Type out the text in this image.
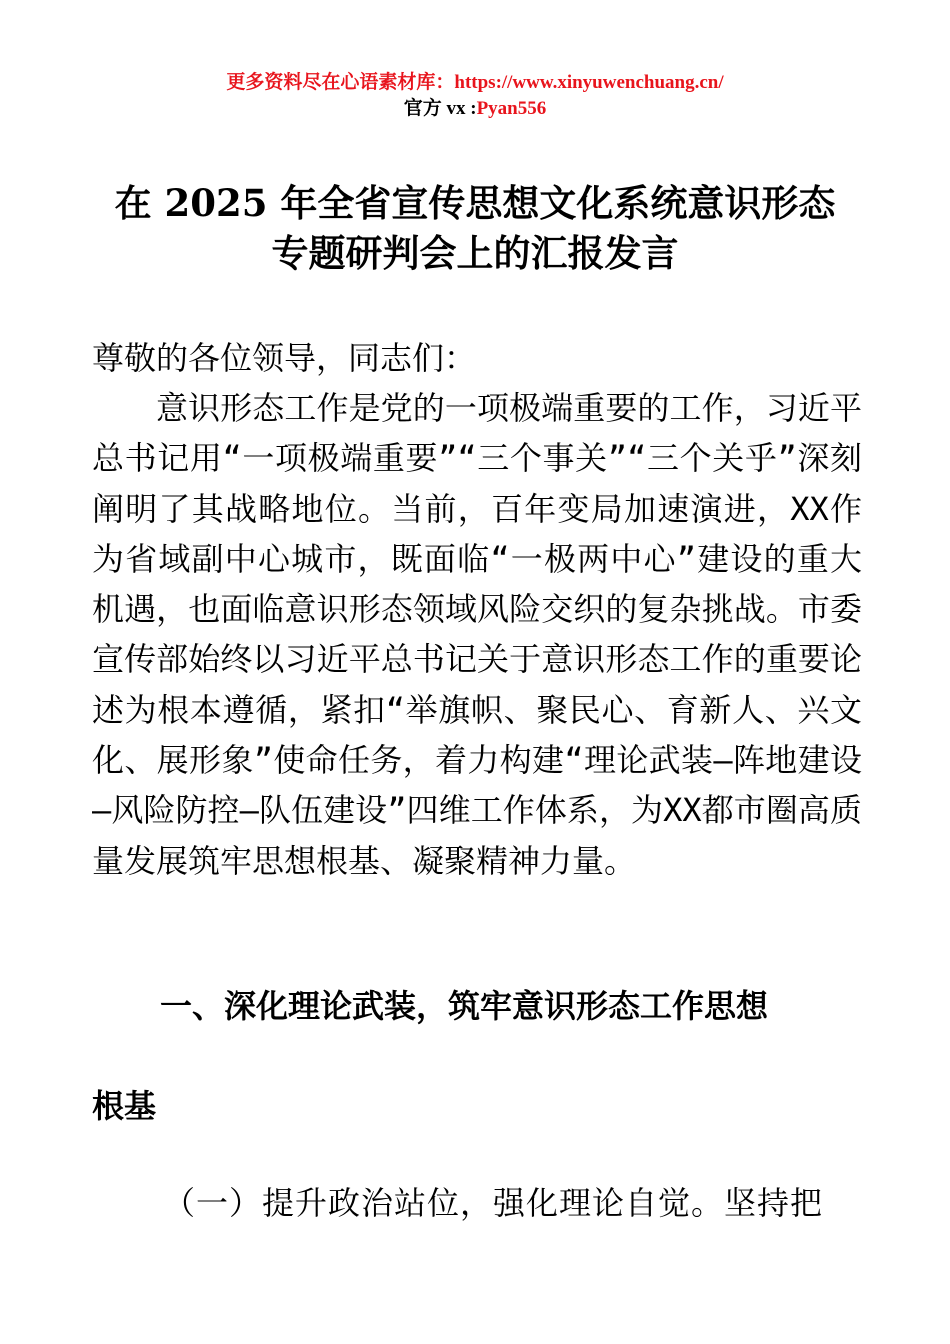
更多资料尽在心语素材库：https://www.xinyuwenchuang.cn/
官方 vx :Pyan556
在 2025 年全省宣传思想文化系统意识形态
专题研判会上的汇报发言
尊敬的各位领导，同志们：
意识形态工作是党的一项极端重要的工作，习近平总书记用“一项极端重要”“三个事关”“三个关乎”深刻阐明了其战略地位。当前，百年变局加速演进，XX作为省域副中心城市，既面临“一极两中心”建设的重大机遇，也面临意识形态领域风险交织的复杂挑战。市委宣传部始终以习近平总书记关于意识形态工作的重要论述为根本遵循，紧扣“举旗帜、聚民心、育新人、兴文化、展形象”使命任务，着力构建“理论武装—阵地建设—风险防控—队伍建设”四维工作体系，为XX都市圈高质量发展筑牢思想根基、凝聚精神力量。
一、深化理论武装，筑牢意识形态工作思想
根基
（一）提升政治站位，强化理论自觉。坚持把
